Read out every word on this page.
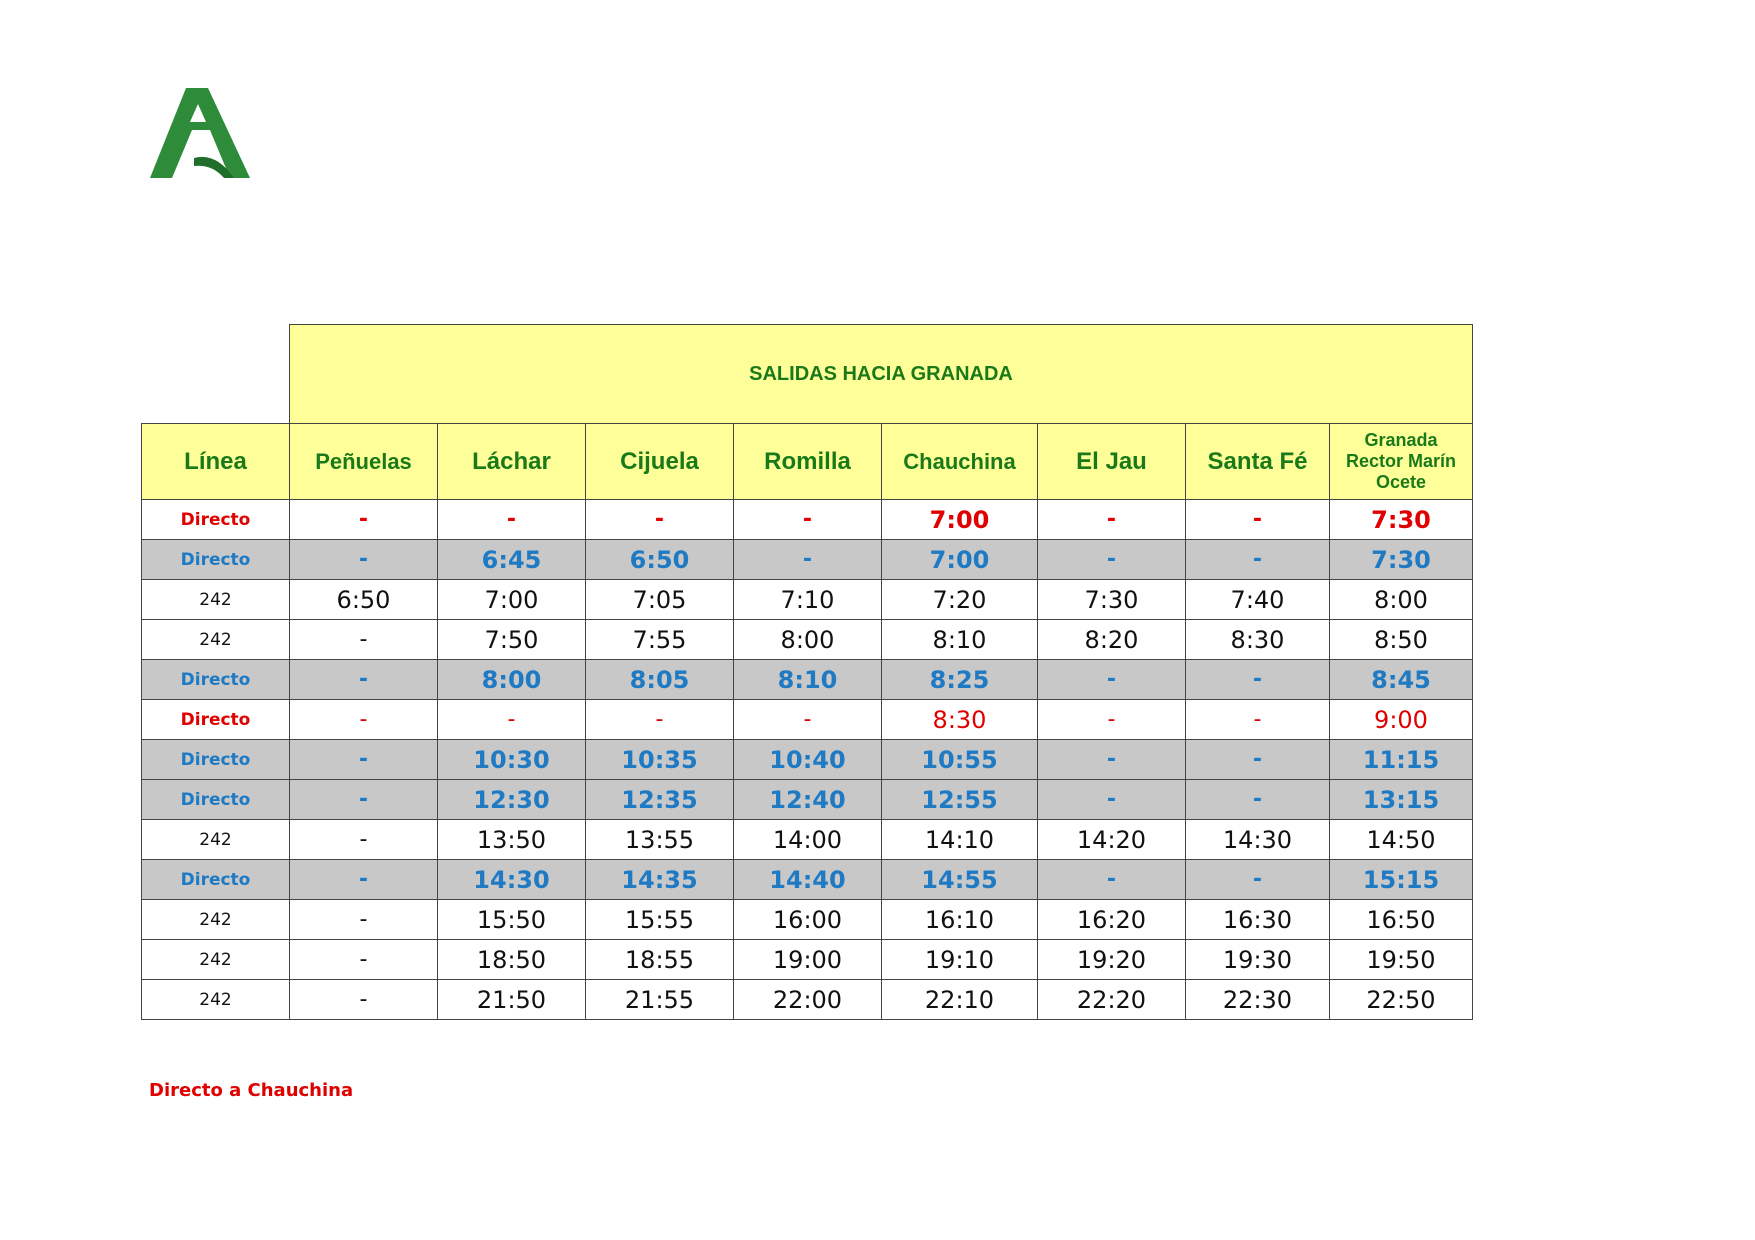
	SALIDAS HACIA GRANADA							
Línea	Peñuelas	Láchar	Cijuela	Romilla	Chauchina	El Jau	Santa Fé	Granada
Rector Marín
Ocete
Directo	-	-	-	-	7:00	-	-	7:30
Directo	-	6:45	6:50	-	7:00	-	-	7:30
242	6:50	7:00	7:05	7:10	7:20	7:30	7:40	8:00
242	-	7:50	7:55	8:00	8:10	8:20	8:30	8:50
Directo	-	8:00	8:05	8:10	8:25	-	-	8:45
Directo	-	-	-	-	8:30	-	-	9:00
Directo	-	10:30	10:35	10:40	10:55	-	-	11:15
Directo	-	12:30	12:35	12:40	12:55	-	-	13:15
242	-	13:50	13:55	14:00	14:10	14:20	14:30	14:50
Directo	-	14:30	14:35	14:40	14:55	-	-	15:15
242	-	15:50	15:55	16:00	16:10	16:20	16:30	16:50
242	-	18:50	18:55	19:00	19:10	19:20	19:30	19:50
242	-	21:50	21:55	22:00	22:10	22:20	22:30	22:50
Directo a Chauchina
